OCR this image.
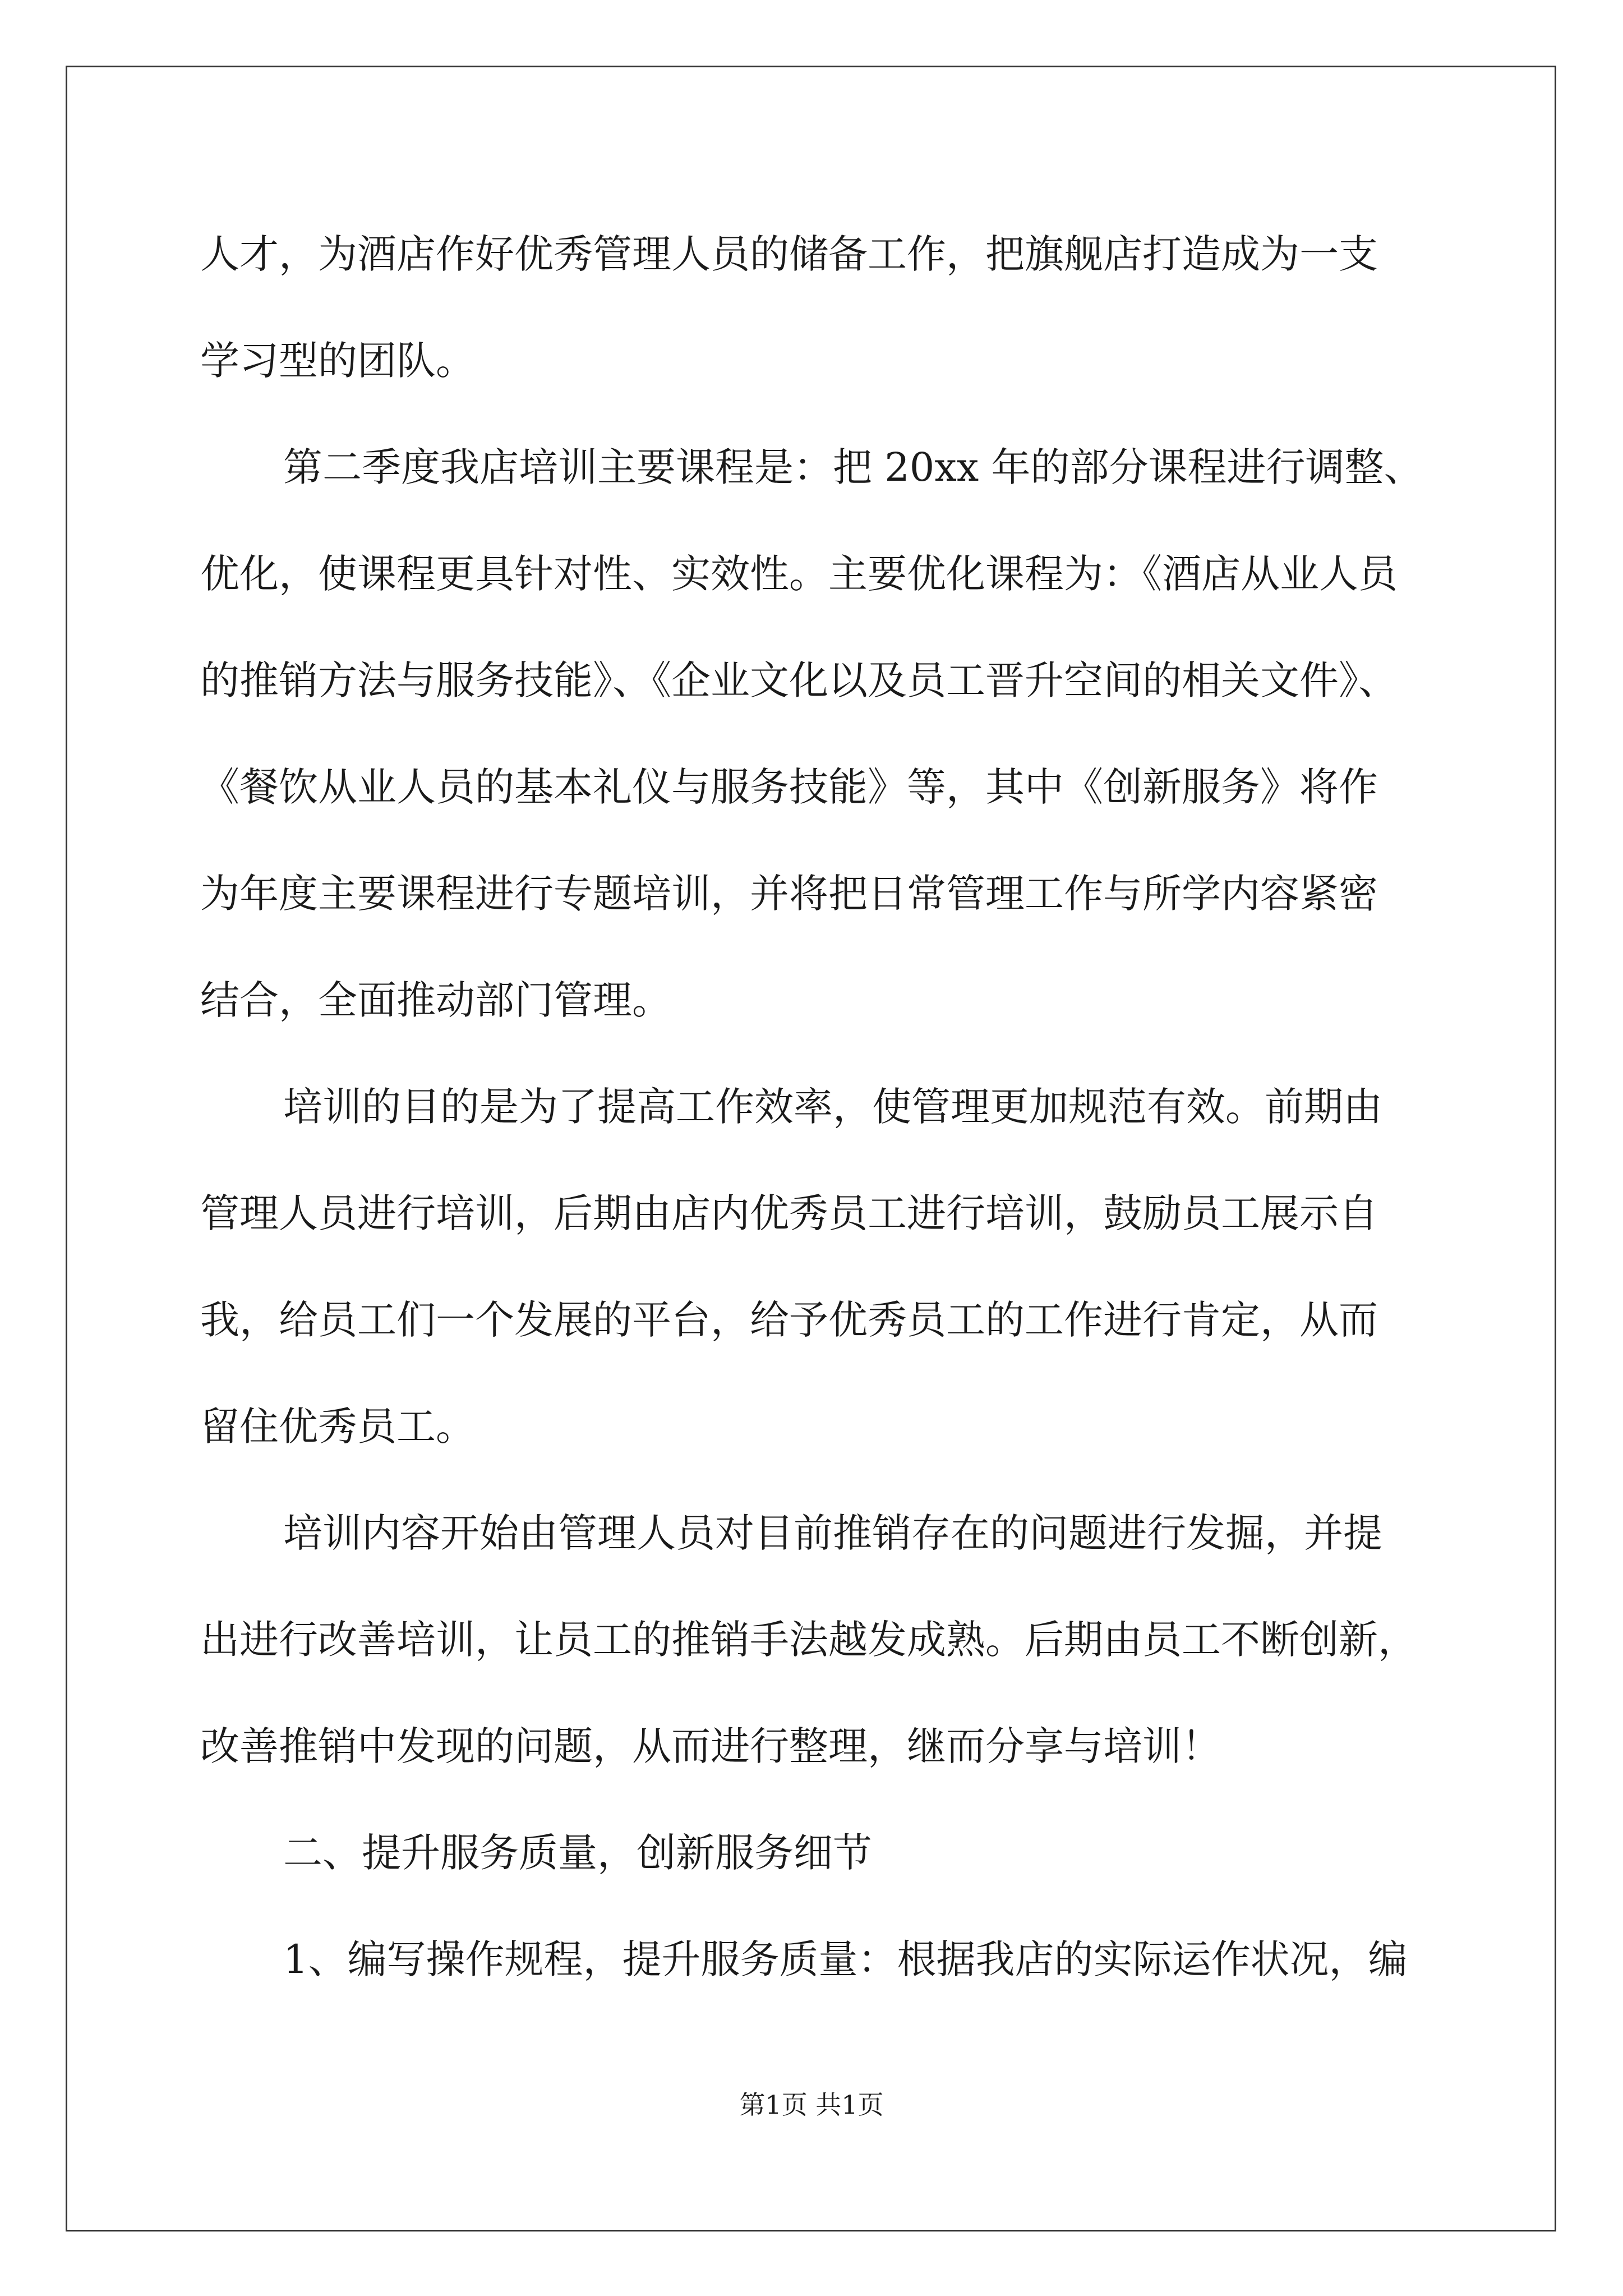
人才，为酒店作好优秀管理人员的储备工作，把旗舰店打造成为一支
学习型的团队。
第二季度我店培训主要课程是：把 20xx 年的部分课程进行调整、
优化，使课程更具针对性、实效性。主要优化课程为：《酒店从业人员
的推销方法与服务技能》、《企业文化以及员工晋升空间的相关文件》、
《餐饮从业人员的基本礼仪与服务技能》等，其中《创新服务》将作
为年度主要课程进行专题培训，并将把日常管理工作与所学内容紧密
结合，全面推动部门管理。
培训的目的是为了提高工作效率，使管理更加规范有效。前期由
管理人员进行培训，后期由店内优秀员工进行培训，鼓励员工展示自
我，给员工们一个发展的平台，给予优秀员工的工作进行肯定，从而
留住优秀员工。
培训内容开始由管理人员对目前推销存在的问题进行发掘，并提
出进行改善培训，让员工的推销手法越发成熟。后期由员工不断创新，
改善推销中发现的问题，从而进行整理，继而分享与培训！
二、提升服务质量，创新服务细节
1、编写操作规程，提升服务质量：根据我店的实际运作状况，编
第1页 共1页
